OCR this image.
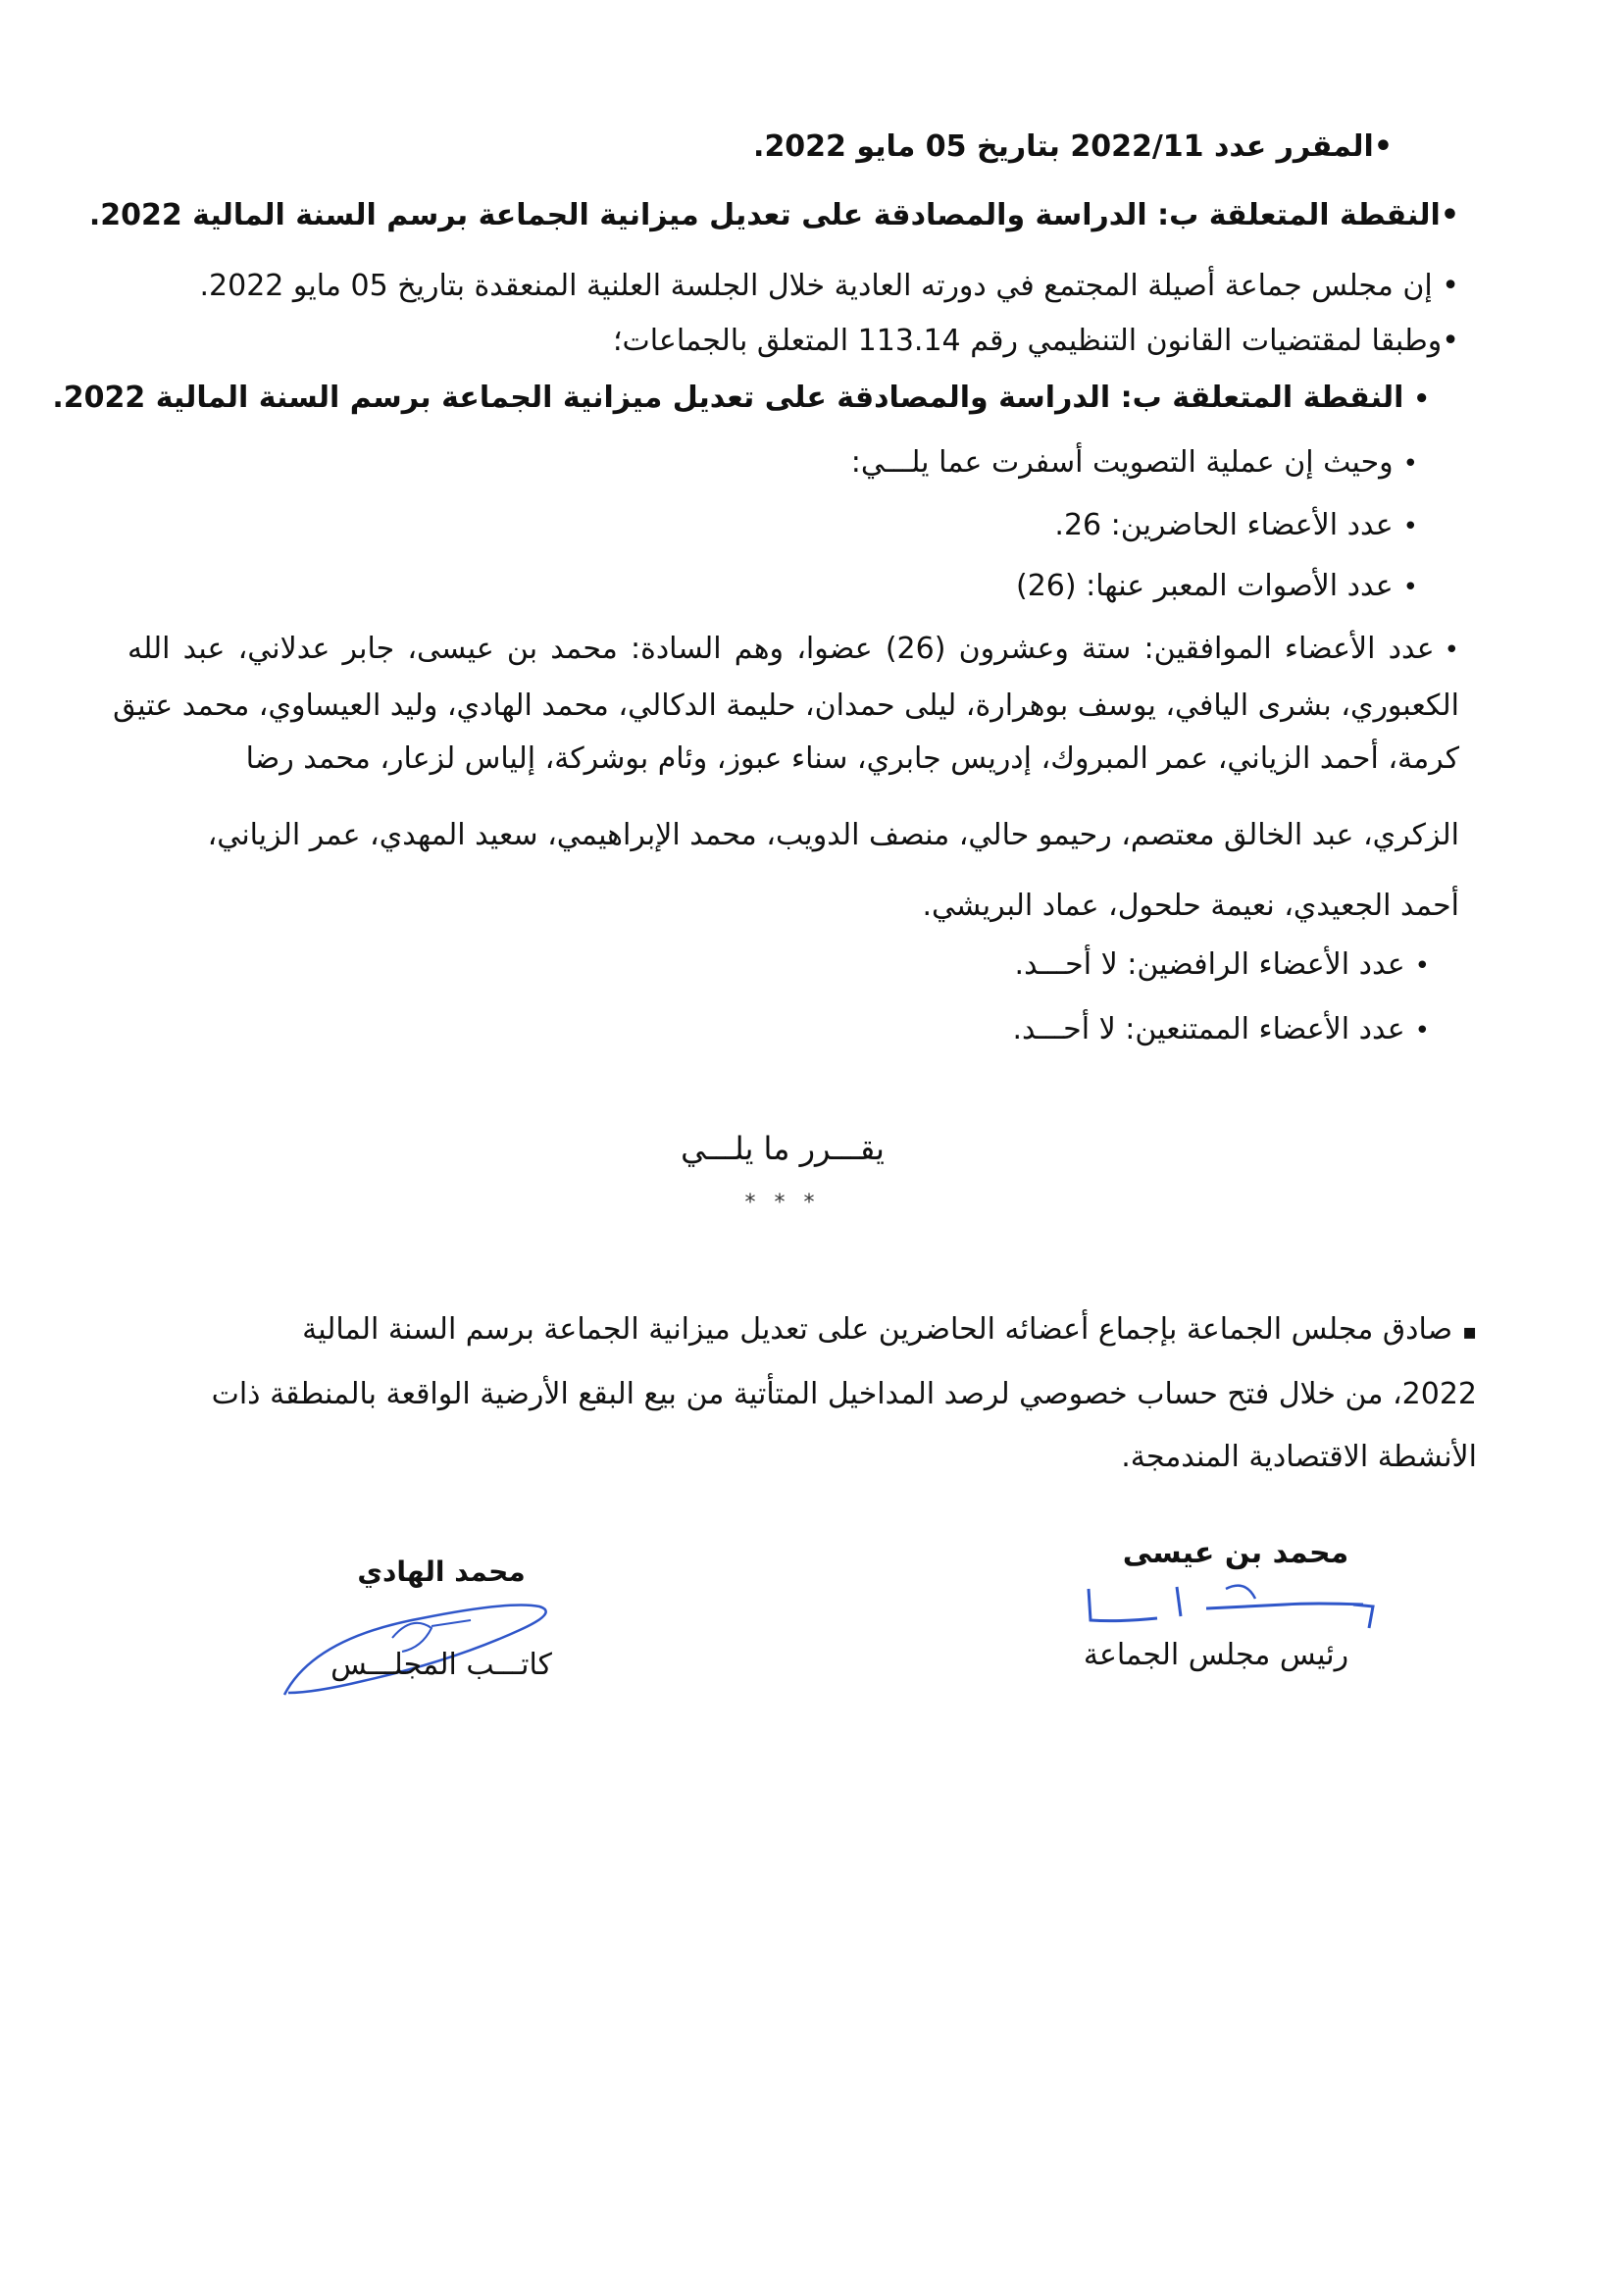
•المقرر عدد 2022/11 بتاريخ 05 مايو 2022.
•النقطة المتعلقة ب: الدراسة والمصادقة على تعديل ميزانية الجماعة برسم السنة المالية 2022.
• إن مجلس جماعة أصيلة المجتمع في دورته العادية خلال الجلسة العلنية المنعقدة بتاريخ 05 مايو 2022.
•وطبقا لمقتضيات القانون التنظيمي رقم 113.14 المتعلق بالجماعات؛
• النقطة المتعلقة ب: الدراسة والمصادقة على تعديل ميزانية الجماعة برسم السنة المالية 2022.
• وحيث إن عملية التصويت أسفرت عما يلـــي:
• عدد الأعضاء الحاضرين: 26.
• عدد الأصوات المعبر عنها: (26)
• عدد الأعضاء الموافقين: ستة وعشرون (26) عضوا، وهم السادة: محمد بن عيسى، جابر عدلاني، عبد الله
الكعبوري، بشرى اليافي، يوسف بوهرارة، ليلى حمدان، حليمة الدكالي، محمد الهادي، وليد العيساوي، محمد عتيق
كرمة، أحمد الزياني، عمر المبروك، إدريس جابري، سناء عبوز، وئام بوشركة، إلياس لزعار، محمد رضا
الزكري، عبد الخالق معتصم، رحيمو حالي، منصف الدويب، محمد الإبراهيمي، سعيد المهدي، عمر الزياني،
أحمد الجعيدي، نعيمة حلحول، عماد البريشي.
• عدد الأعضاء الرافضين: لا أحـــد.
• عدد الأعضاء الممتنعين: لا أحـــد.
يقـــرر ما يلـــي
* * *
▪ صادق مجلس الجماعة بإجماع أعضائه الحاضرين على تعديل ميزانية الجماعة برسم السنة المالية
2022، من خلال فتح حساب خصوصي لرصد المداخيل المتأتية من بيع البقع الأرضية الواقعة بالمنطقة ذات
الأنشطة الاقتصادية المندمجة.
محمد بن عيسى
رئيس مجلس الجماعة
محمد الهادي
كاتـــب المجلـــس
